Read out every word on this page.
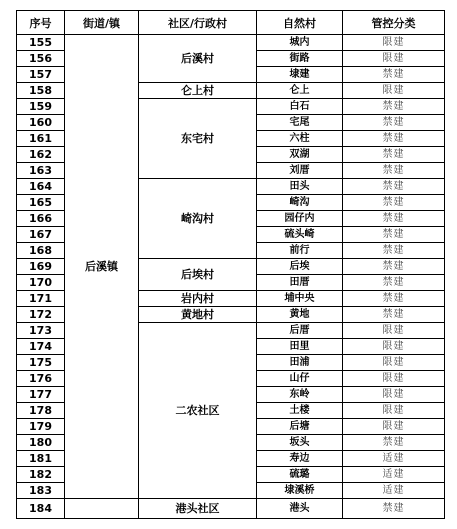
序号	街道/镇	社区/行政村	自然村	管控分类
155	后溪镇	后溪村	城内	限建
156			街路	限建
157			埭建	禁建
158		仑上村	仑上	限建
159		东宅村	白石	禁建
160			宅尾	禁建
161			六柱	禁建
162			双湖	禁建
163			刘厝	禁建
164		崎沟村	田头	禁建
165			崎沟	禁建
166			园仔内	禁建
167			硫头崎	禁建
168			前行	禁建
169		后埃村	后埃	禁建
170			田厝	禁建
171		岩内村	埔中央	禁建
172		黄地村	黄地	禁建
173		二农社区	后厝	限建
174			田里	限建
175			田浦	限建
176			山仔	限建
177			东岭	限建
178			土楼	限建
179			后塘	限建
180			坂头	禁建
181			寿边	适建
182			硫璐	适建
183			埭溪桥	适建
184		港头社区	港头	禁建
